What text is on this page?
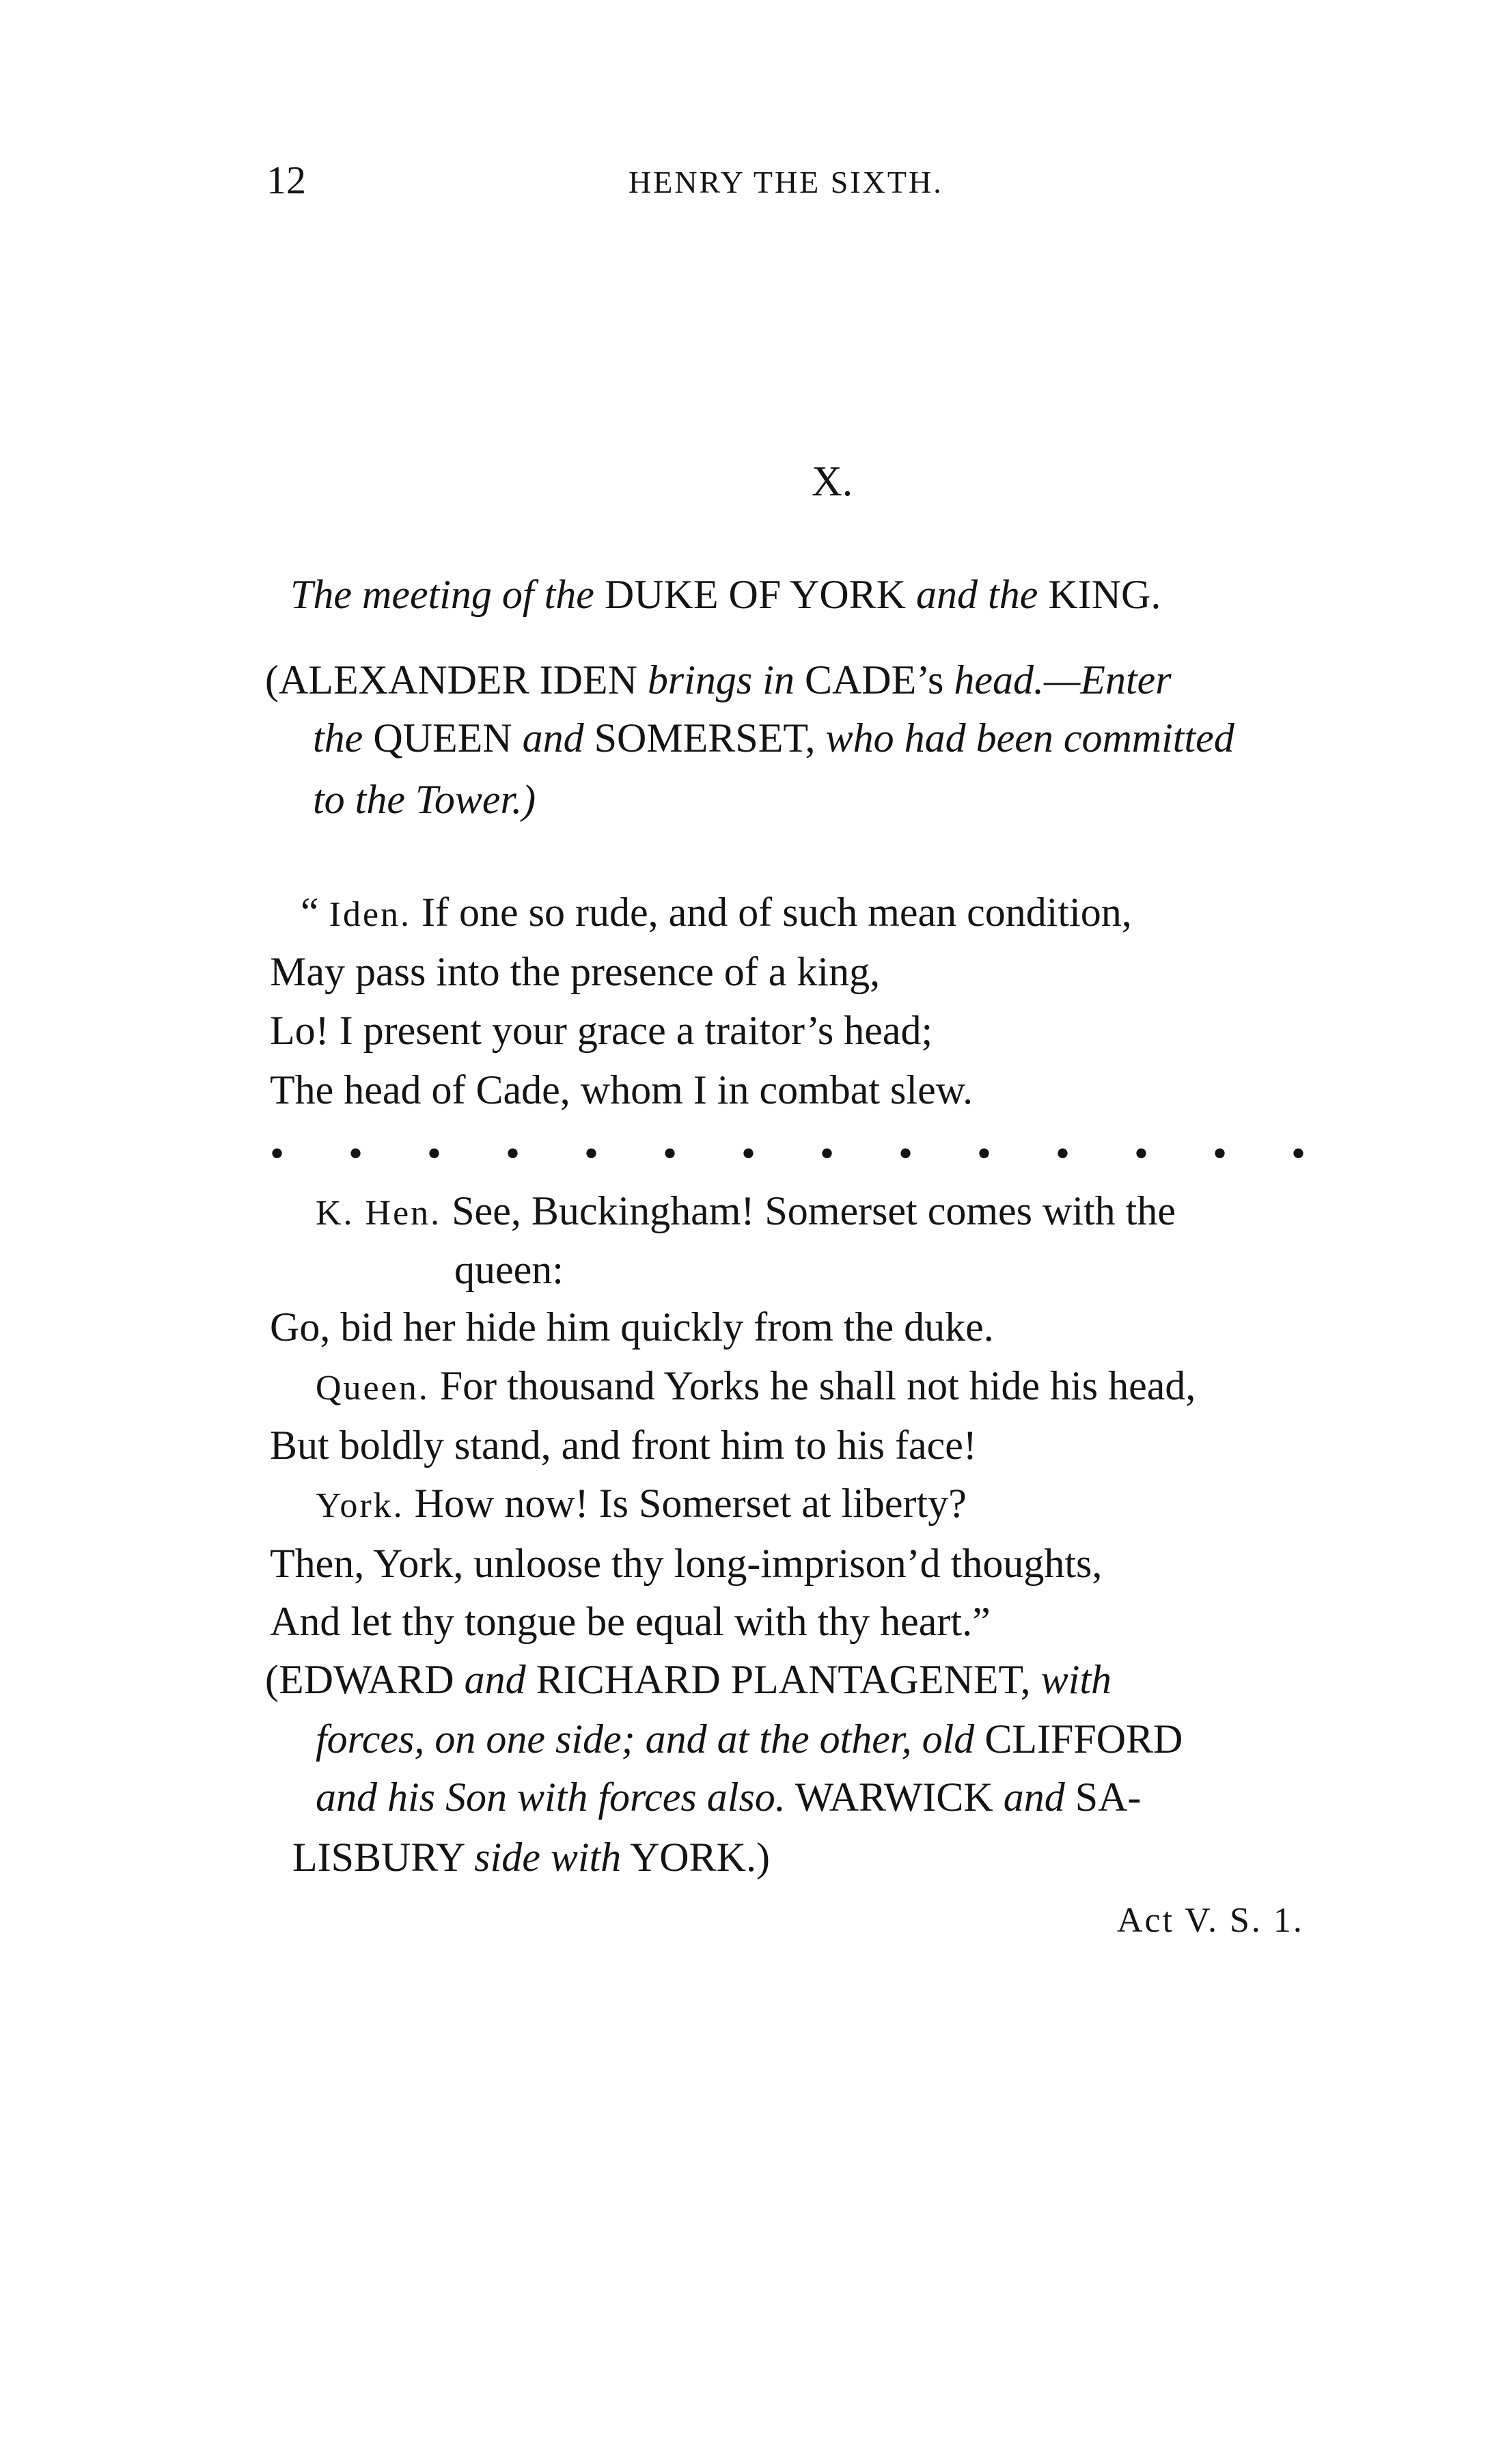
12	HENRY THE SIXTH.
X.
The meeting of the DUKE OF YORK and the KING.
(ALEXANDER IDEN brings in CADE’s head.—Enter
the QUEEN and SOMERSET, who had been committed
to the Tower.)
“ Iden. If one so rude, and of such mean condition,
May pass into the presence of a king,
Lo! I present your grace a traitor’s head;
The head of Cade, whom I in combat slew.
• • • • • • • • • • • • • •
K. Hen. See, Buckingham! Somerset comes with the
queen:
Go, bid her hide him quickly from the duke.
Queen. For thousand Yorks he shall not hide his head,
But boldly stand, and front him to his face!
York. How now! Is Somerset at liberty?
Then, York, unloose thy long-imprison’d thoughts,
And let thy tongue be equal with thy heart.”
(EDWARD and RICHARD PLANTAGENET, with
forces, on one side; and at the other, old CLIFFORD
and his Son with forces also. WARWICK and SA-
LISBURY side with YORK.)
Act V. S. 1.
